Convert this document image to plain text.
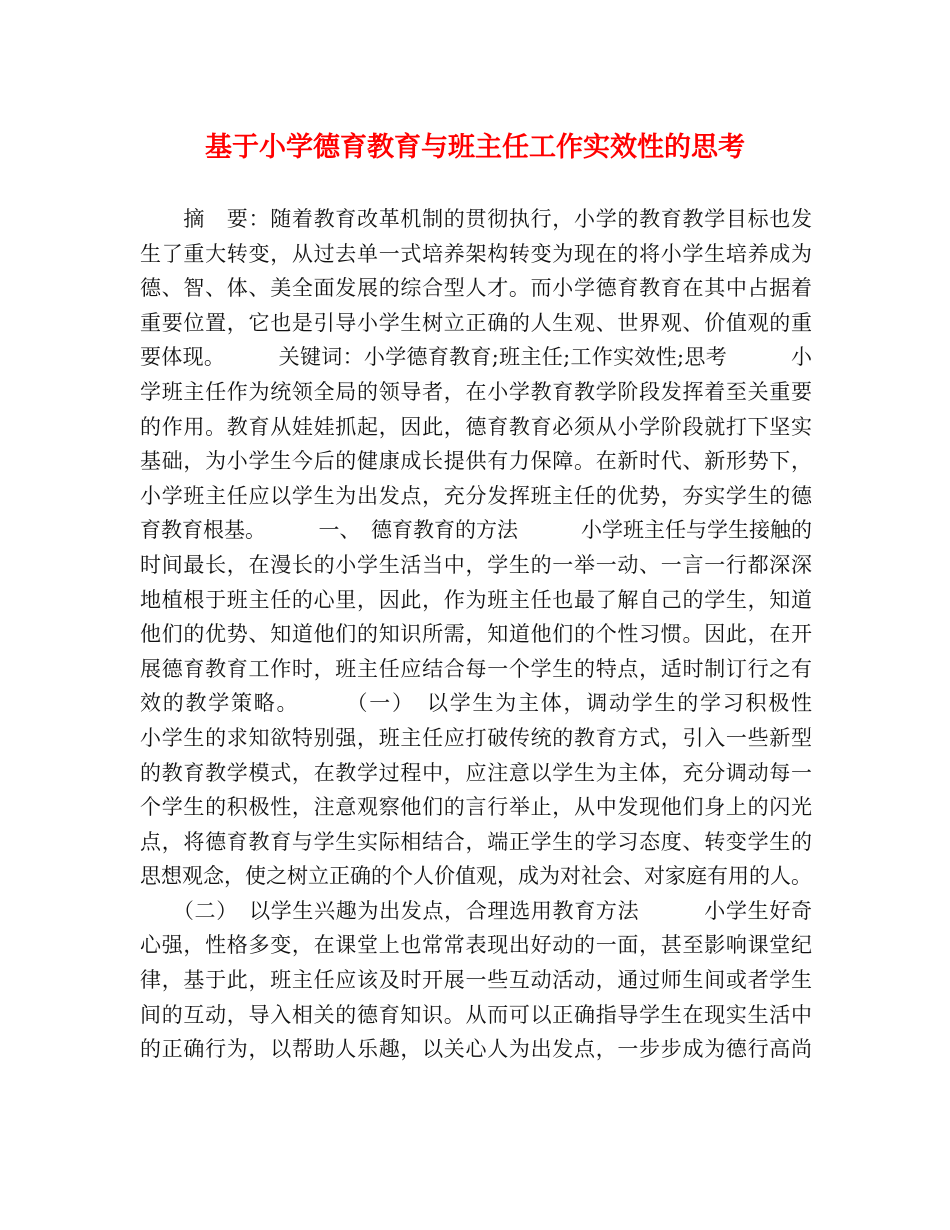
基于小学德育教育与班主任工作实效性的思考
　　摘　要：随着教育改革机制的贯彻执行，小学的教育教学目标也发
生了重大转变，从过去单一式培养架构转变为现在的将小学生培养成为
德、智、体、美全面发展的综合型人才。而小学德育教育在其中占据着
重要位置，它也是引导小学生树立正确的人生观、世界观、价值观的重
要体现。　　　关键词：小学德育教育;班主任;工作实效性;思考　　　小
学班主任作为统领全局的领导者，在小学教育教学阶段发挥着至关重要
的作用。教育从娃娃抓起，因此，德育教育必须从小学阶段就打下坚实
基础，为小学生今后的健康成长提供有力保障。在新时代、新形势下，
小学班主任应以学生为出发点，充分发挥班主任的优势，夯实学生的德
育教育根基。　　　一、　德育教育的方法　　　小学班主任与学生接触的
时间最长，在漫长的小学生活当中，学生的一举一动、一言一行都深深
地植根于班主任的心里，因此，作为班主任也最了解自己的学生，知道
他们的优势、知道他们的知识所需，知道他们的个性习惯。因此，在开
展德育教育工作时，班主任应结合每一个学生的特点，适时制订行之有
效的教学策略。　　　（一）　以学生为主体，调动学生的学习积极性
小学生的求知欲特别强，班主任应打破传统的教育方式，引入一些新型
的教育教学模式，在教学过程中，应注意以学生为主体，充分调动每一
个学生的积极性，注意观察他们的言行举止，从中发现他们身上的闪光
点，将德育教育与学生实际相结合，端正学生的学习态度、转变学生的
思想观念，使之树立正确的个人价值观，成为对社会、对家庭有用的人。
　　（二）　以学生兴趣为出发点，合理选用教育方法　　　小学生好奇
心强，性格多变，在课堂上也常常表现出好动的一面，甚至影响课堂纪
律，基于此，班主任应该及时开展一些互动活动，通过师生间或者学生
间的互动，导入相关的德育知识。从而可以正确指导学生在现实生活中
的正确行为，以帮助人乐趣，以关心人为出发点，一步步成为德行高尚
